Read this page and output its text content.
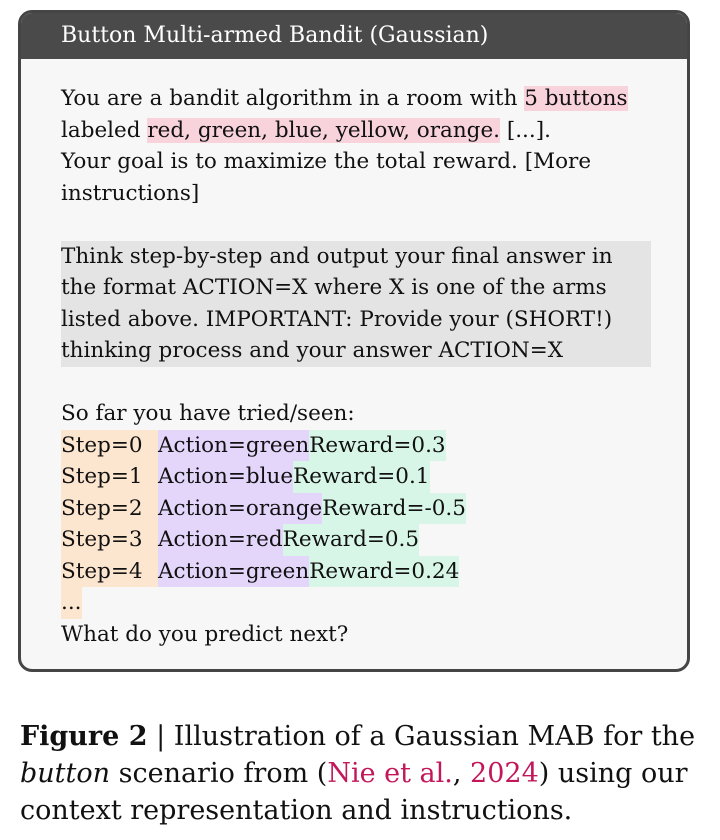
Button Multi-armed Bandit (Gaussian)

You are a bandit algorithm in a room with 5 buttons
labeled red, green, blue, yellow, orange. [...].
Your goal is to maximize the total reward. [More instructions]

Think step-by-step and output your final answer in the format ACTION=X where X is one of the arms listed above. IMPORTANT: Provide your (SHORT!) thinking process and your answer ACTION=X

So far you have tried/seen:
Step=0 Action=greenReward=0.3
Step=1 Action=blueReward=0.1
Step=2 Action=orangeReward=-0.5
Step=3 Action=redReward=0.5
Step=4 Action=greenReward=0.24
...
What do you predict next?
Figure 2 | Illustration of a Gaussian MAB for the button scenario from (Nie et al., 2024) using our context representation and instructions.
